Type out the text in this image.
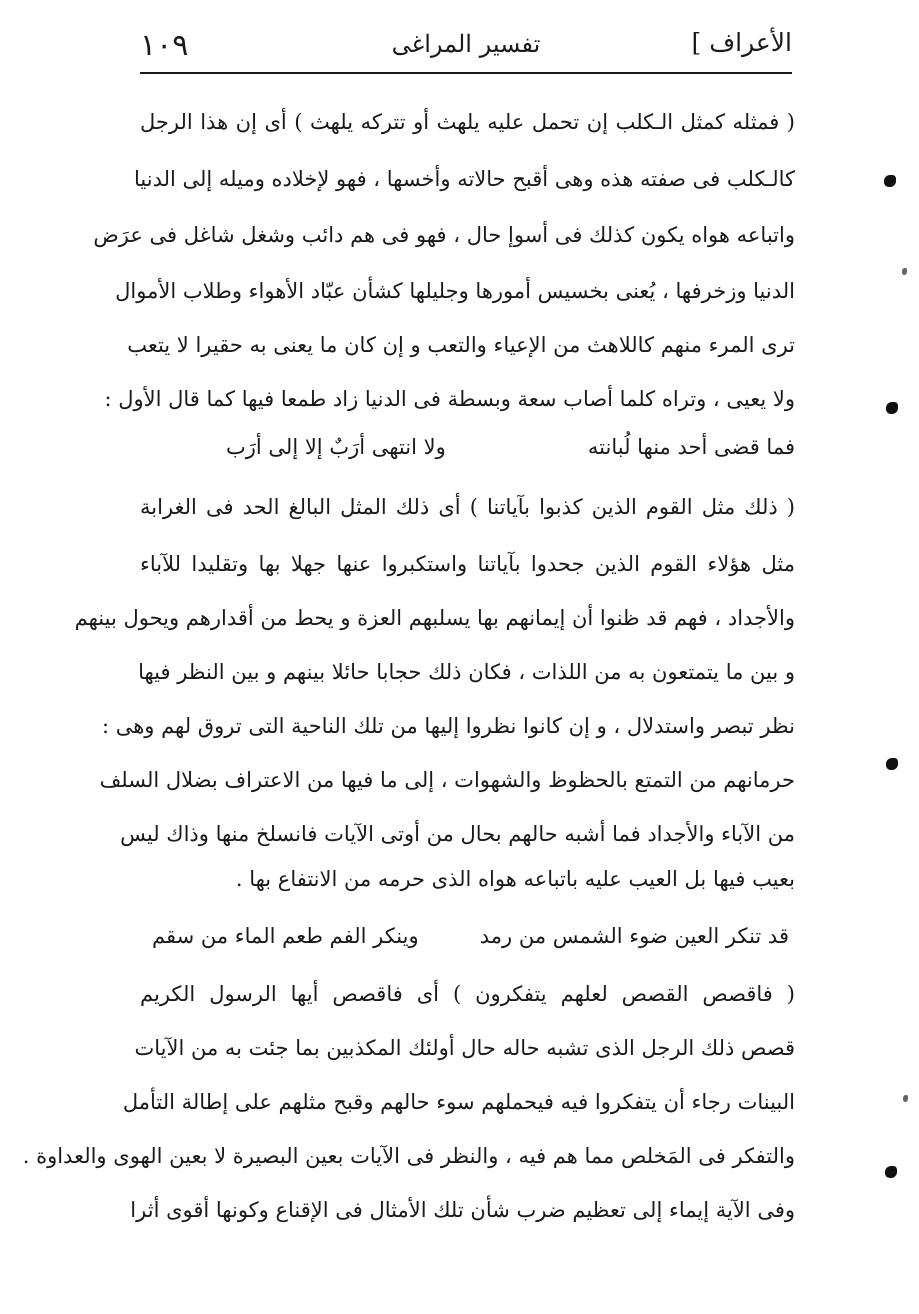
١٠٩	تفسير المراغى	الأعراف ]
( فمثله كمثل الـكلب إن تحمل عليه يلهث أو تتركه يلهث ) أى إن هذا الرجل
كالـكلب فى صفته هذه وهى أقبح حالاته وأخسها ، فهو لإخلاده وميله إلى الدنيا
واتباعه هواه يكون كذلك فى أسوإ حال ، فهو فى هم دائب وشغل شاغل فى عرَض
الدنيا وزخرفها ، يُعنى بخسيس أمورها وجليلها كشأن عبّاد الأهواء وطلاب الأموال
ترى المرء منهم كاللاهث من الإعياء والتعب و إن كان ما يعنى به حقيرا لا يتعب
ولا يعيى ، وتراه كلما أصاب سعة وبسطة فى الدنيا زاد طمعا فيها كما قال الأول :
فما قضى أحد منها لُبانته
ولا انتهى أرَبٌ إلا إلى أرَب
( ذلك مثل القوم الذين كذبوا بآياتنا ) أى ذلك المثل البالغ الحد فى الغرابة
مثل هؤلاء القوم الذين جحدوا بآياتنا واستكبروا عنها جهلا بها وتقليدا للآباء
والأجداد ، فهم قد ظنوا أن إيمانهم بها يسلبهم العزة و يحط من أقدارهم ويحول بينهم
و بين ما يتمتعون به من اللذات ، فكان ذلك حجابا حائلا بينهم و بين النظر فيها
نظر تبصر واستدلال ، و إن كانوا نظروا إليها من تلك الناحية التى تروق لهم وهى :
حرمانهم من التمتع بالحظوظ والشهوات ، إلى ما فيها من الاعتراف بضلال السلف
من الآباء والأجداد فما أشبه حالهم بحال من أوتى الآيات فانسلخ منها وذاك ليس
بعيب فيها بل العيب عليه باتباعه هواه الذى حرمه من الانتفاع بها .
قد تنكر العين ضوء الشمس من رمد
وينكر الفم طعم الماء من سقم
( فاقصص القصص لعلهم يتفكرون ) أى فاقصص أيها الرسول الكريم
قصص ذلك الرجل الذى تشبه حاله حال أولئك المكذبين بما جئت به من الآيات
البينات رجاء أن يتفكروا فيه فيحملهم سوء حالهم وقبح مثلهم على إطالة التأمل
والتفكر فى المَخلص مما هم فيه ، والنظر فى الآيات بعين البصيرة لا بعين الهوى والعداوة .
وفى الآية إيماء إلى تعظيم ضرب شأن تلك الأمثال فى الإقناع وكونها أقوى أثرا
